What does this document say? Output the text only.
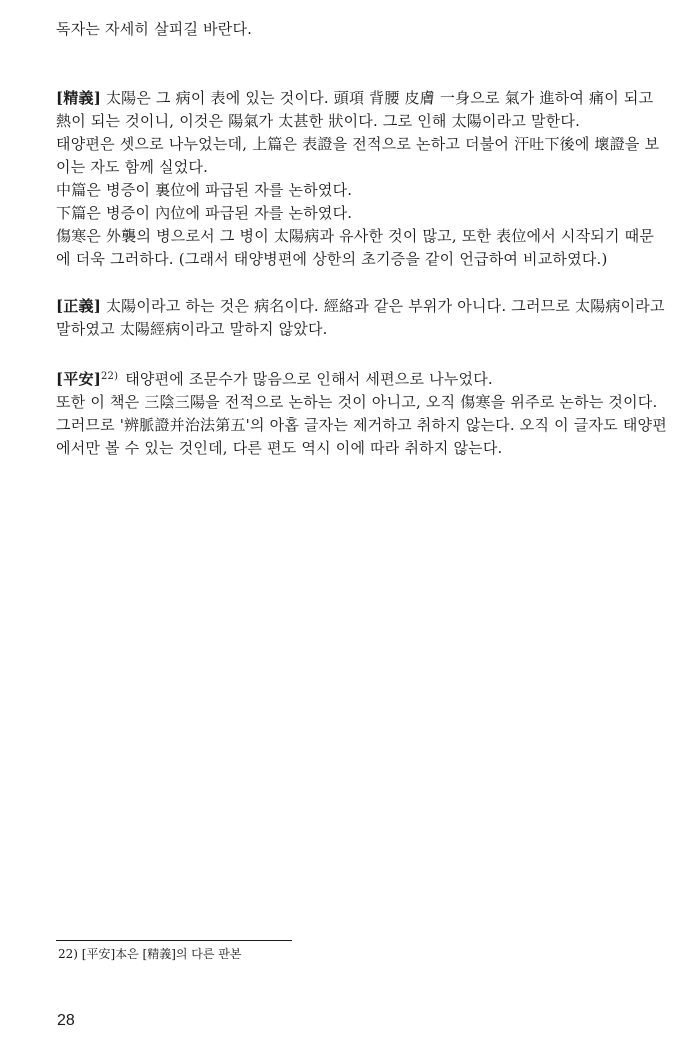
독자는 자세히 살피길 바란다.

[精義] 太陽은 그 病이 表에 있는 것이다. 頭項 背腰 皮膚 一身으로 氣가 進하여 痛이 되고 熱이 되는 것이니, 이것은 陽氣가 太甚한 狀이다. 그로 인해 太陽이라고 말한다.

태양편은 셋으로 나누었는데, 上篇은 表證을 전적으로 논하고 더불어 汗吐下後에 壞證을 보이는 자도 함께 실었다.

中篇은 병증이 裏位에 파급된 자를 논하였다.

下篇은 병증이 內位에 파급된 자를 논하였다.

傷寒은 外襲의 병으로서 그 병이 太陽病과 유사한 것이 많고, 또한 表位에서 시작되기 때문에 더욱 그러하다. (그래서 태양병편에 상한의 초기증을 같이 언급하여 비교하였다.)

[正義] 太陽이라고 하는 것은 病名이다. 經絡과 같은 부위가 아니다. 그러므로 太陽病이라고 말하였고 太陽經病이라고 말하지 않았다.

[平安]$^{22)}$ 태양편에 조문수가 많음으로 인해서 세편으로 나누었다.

또한 이 책은 三陰三陽을 전적으로 논하는 것이 아니고, 오직 傷寒을 위주로 논하는 것이다.

그러므로 '辨脈證并治法第五'의 아홉 글자는 제거하고 취하지 않는다. 오직 이 글자도 태양편에서만 볼 수 있는 것인데, 다른 편도 역시 이에 따라 취하지 않는다.

22) [平安]本은 [精義]의 다른 판본
28
